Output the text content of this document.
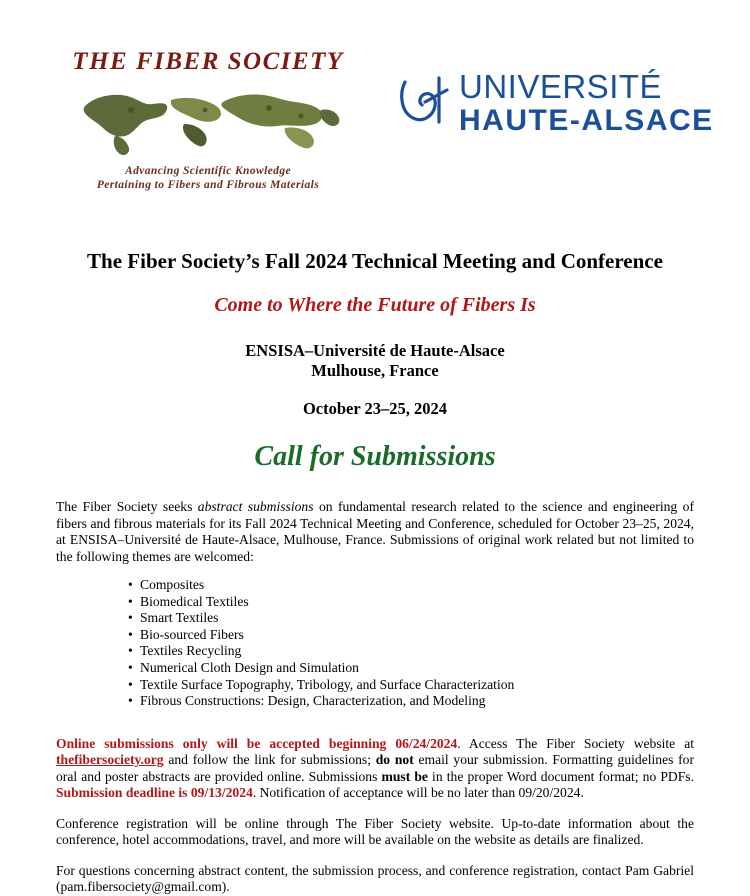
THE FIBER SOCIETY
Advancing Scientific Knowledge
Pertaining to Fibers and Fibrous Materials
UNIVERSITÉ
HAUTE-ALSACE
The Fiber Society’s Fall 2024 Technical Meeting and Conference
Come to Where the Future of Fibers Is
ENSISA–Université de Haute-Alsace
Mulhouse, France
October 23–25, 2024
Call for Submissions

The Fiber Society seeks abstract submissions on fundamental research related to the science and engineering of fibers and fibrous materials for its Fall 2024 Technical Meeting and Conference, scheduled for October 23–25, 2024, at ENSISA–Université de Haute-Alsace, Mulhouse, France. Submissions of original work related but not limited to the following themes are welcomed:

• Composites
• Biomedical Textiles
• Smart Textiles
• Bio-sourced Fibers
• Textiles Recycling
• Numerical Cloth Design and Simulation
• Textile Surface Topography, Tribology, and Surface Characterization
• Fibrous Constructions: Design, Characterization, and Modeling

Online submissions only will be accepted beginning 06/24/2024. Access The Fiber Society website at thefibersociety.org and follow the link for submissions; do not email your submission. Formatting guidelines for oral and poster abstracts are provided online. Submissions must be in the proper Word document format; no PDFs. Submission deadline is 09/13/2024. Notification of acceptance will be no later than 09/20/2024.

Conference registration will be online through The Fiber Society website. Up-to-date information about the conference, hotel accommodations, travel, and more will be available on the website as details are finalized.

For questions concerning abstract content, the submission process, and conference registration, contact Pam Gabriel (pam.fibersociety@gmail.com).
